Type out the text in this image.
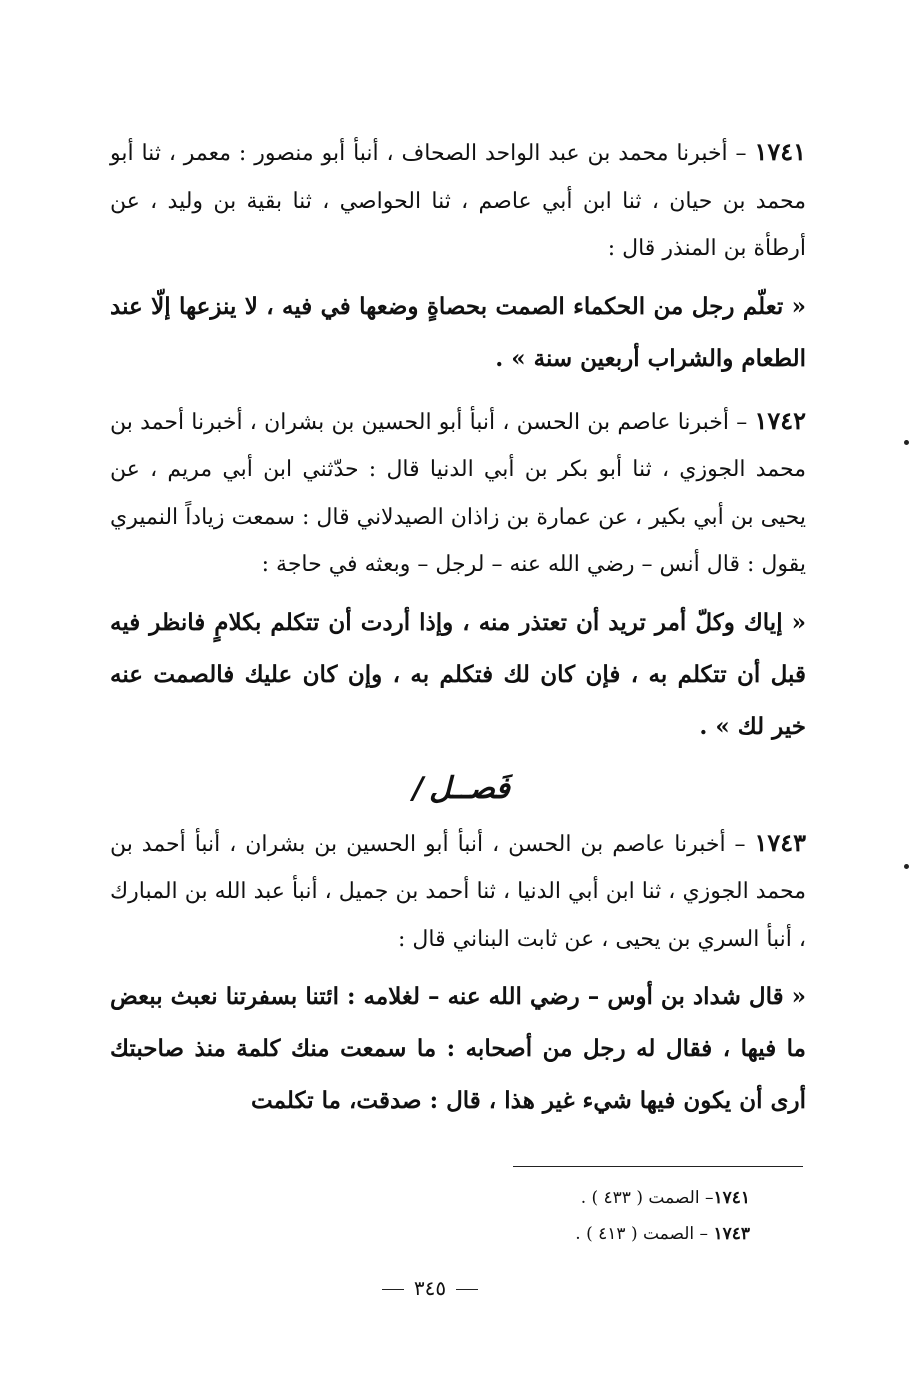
١٧٤١ – أخبرنا محمد بن عبد الواحد الصحاف ، أنبأ أبو منصور : معمر ، ثنا أبو محمد بن حيان ، ثنا ابن أبي عاصم ، ثنا الحواصي ، ثنا بقية بن وليد ، عن أرطأة بن المنذر قال :

« تعلّم رجل من الحكماء الصمت بحصاةٍ وضعها في فيه ، لا ينزعها إلّا عند الطعام والشراب أربعين سنة » .

١٧٤٢ – أخبرنا عاصم بن الحسن ، أنبأ أبو الحسين بن بشران ، أخبرنا أحمد بن محمد الجوزي ، ثنا أبو بكر بن أبي الدنيا قال : حدّثني ابن أبي مريم ، عن يحيى بن أبي بكير ، عن عمارة بن زاذان الصيدلاني قال : سمعت زياداً النميري يقول : قال أنس – رضي الله عنه – لرجل – وبعثه في حاجة :

« إياك وكلّ أمر تريد أن تعتذر منه ، وإذا أردت أن تتكلم بكلامٍ فانظر فيه قبل أن تتكلم به ، فإن كان لك فتكلم به ، وإن كان عليك فالصمت عنه خير لك » .

فَصــل/

١٧٤٣ – أخبرنا عاصم بن الحسن ، أنبأ أبو الحسين بن بشران ، أنبأ أحمد بن محمد الجوزي ، ثنا ابن أبي الدنيا ، ثنا أحمد بن جميل ، أنبأ عبد الله بن المبارك ، أنبأ السري بن يحيى ، عن ثابت البناني قال :

« قال شداد بن أوس – رضي الله عنه – لغلامه : ائتنا بسفرتنا نعبث ببعض ما فيها ، فقال له رجل من أصحابه : ما سمعت منك كلمة منذ صاحبتك أرى أن يكون فيها شيء غير هذا ، قال : صدقت، ما تكلمت

١٧٤١– الصمت ( ٤٣٣ ) .
١٧٤٣ – الصمت ( ٤١٣ ) .
٣٤٥
